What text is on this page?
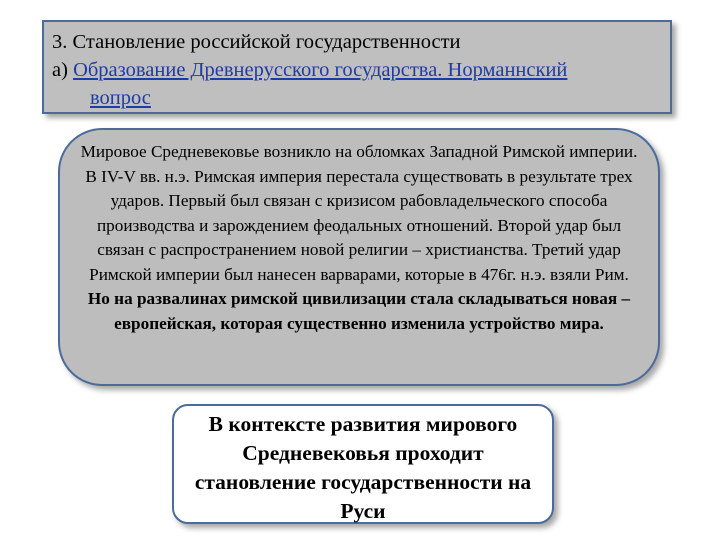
3. Становление российской государственности
а) Образование Древнерусского государства. Норманнский
вопрос
Мировое Средневековье возникло на обломках Западной Римской империи. В IV-V вв. н.э. Римская империя перестала существовать в результате трех ударов. Первый был связан с кризисом рабовладельческого способа производства и зарождением феодальных отношений. Второй удар был связан с распространением новой религии – христианства. Третий удар Римской империи был нанесен варварами, которые в 476г. н.э. взяли Рим. Но на развалинах римской цивилизации стала складываться новая – европейская, которая существенно изменила устройство мира.
В контексте развития мирового Средневековья проходит становление государственности на Руси
